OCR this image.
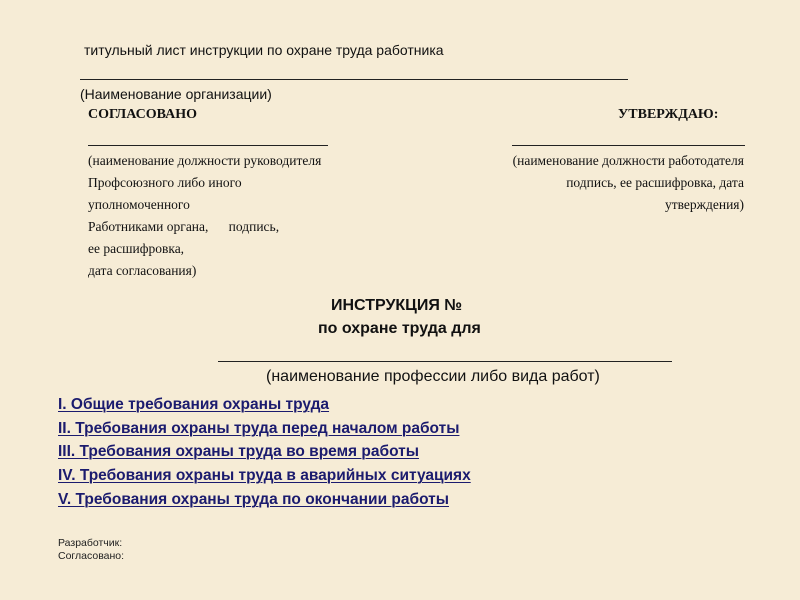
титульный лист инструкции по охране труда работника
(Наименование организации)
СОГЛАСОВАНО
(наименование должности руководителя
Профсоюзного либо иного
уполномоченного
Работниками органа,      подпись,
ее расшифровка,
дата согласования)
УТВЕРЖДАЮ:
(наименование должности работодателя
подпись, ее расшифровка, дата
утверждения)
ИНСТРУКЦИЯ №
по охране труда для
(наименование профессии либо вида работ)
I. Общие требования охраны труда
II. Требования охраны труда перед началом работы
III. Требования охраны труда во время работы
IV. Требования охраны труда в аварийных ситуациях
V. Требования охраны труда по окончании работы
Разработчик:
Согласовано:
